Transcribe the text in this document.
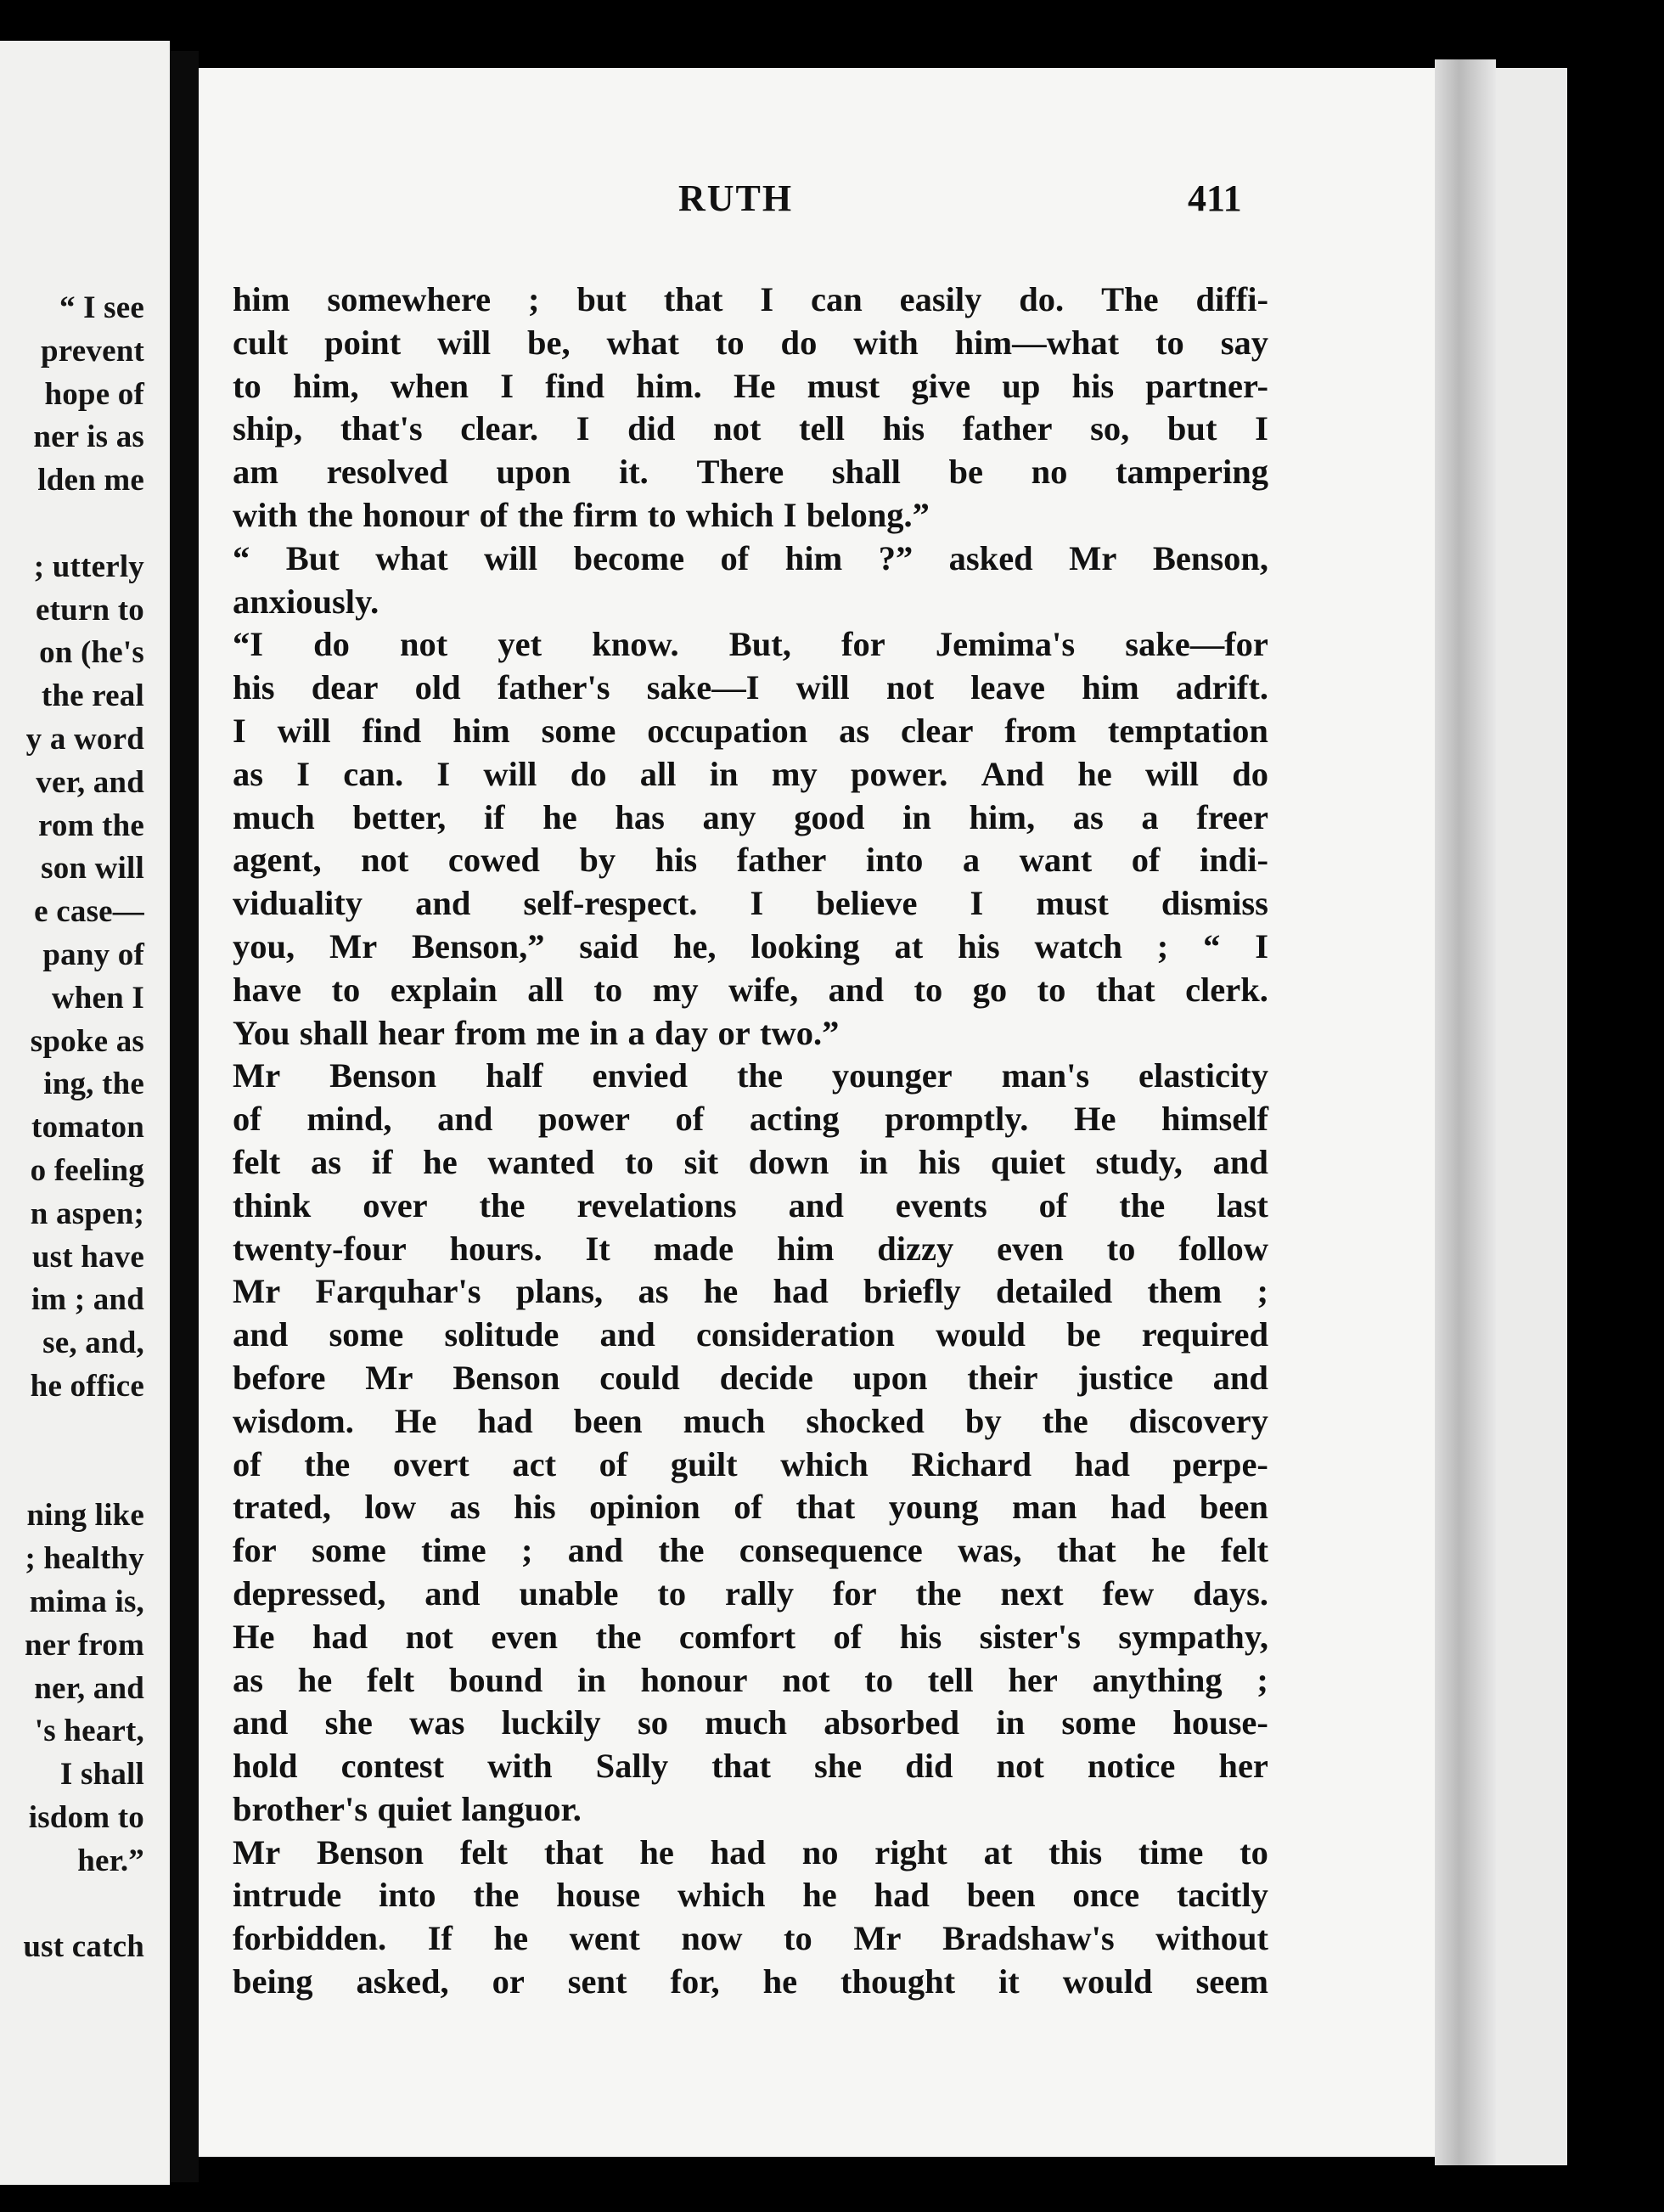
“ I see
prevent
hope of
ner is as
lden me
; utterly
eturn to
on (he's
the real
y a word
ver, and
rom the
son will
e case—
pany of
when I
spoke as
ing, the
tomaton
o feeling
n aspen;
ust have
im ; and
se, and,
he office
ning like
; healthy
mima is,
ner from
ner, and
's heart,
I shall
isdom to
her.”
ust catch
RUTH	411
him somewhere ; but that I can easily do. The diffi-
cult point will be, what to do with him—what to say
to him, when I find him. He must give up his partner-
ship, that's clear. I did not tell his father so, but I
am resolved upon it. There shall be no tampering
with the honour of the firm to which I belong.”
“ But what will become of him ?” asked Mr Benson,
anxiously.
“I do not yet know. But, for Jemima's sake—for
his dear old father's sake—I will not leave him adrift.
I will find him some occupation as clear from temptation
as I can. I will do all in my power. And he will do
much better, if he has any good in him, as a freer
agent, not cowed by his father into a want of indi-
viduality and self-respect. I believe I must dismiss
you, Mr Benson,” said he, looking at his watch ; “ I
have to explain all to my wife, and to go to that clerk.
You shall hear from me in a day or two.”
Mr Benson half envied the younger man's elasticity
of mind, and power of acting promptly. He himself
felt as if he wanted to sit down in his quiet study, and
think over the revelations and events of the last
twenty-four hours. It made him dizzy even to follow
Mr Farquhar's plans, as he had briefly detailed them ;
and some solitude and consideration would be required
before Mr Benson could decide upon their justice and
wisdom. He had been much shocked by the discovery
of the overt act of guilt which Richard had perpe-
trated, low as his opinion of that young man had been
for some time ; and the consequence was, that he felt
depressed, and unable to rally for the next few days.
He had not even the comfort of his sister's sympathy,
as he felt bound in honour not to tell her anything ;
and she was luckily so much absorbed in some house-
hold contest with Sally that she did not notice her
brother's quiet languor.
Mr Benson felt that he had no right at this time to
intrude into the house which he had been once tacitly
forbidden. If he went now to Mr Bradshaw's without
being asked, or sent for, he thought it would seem
